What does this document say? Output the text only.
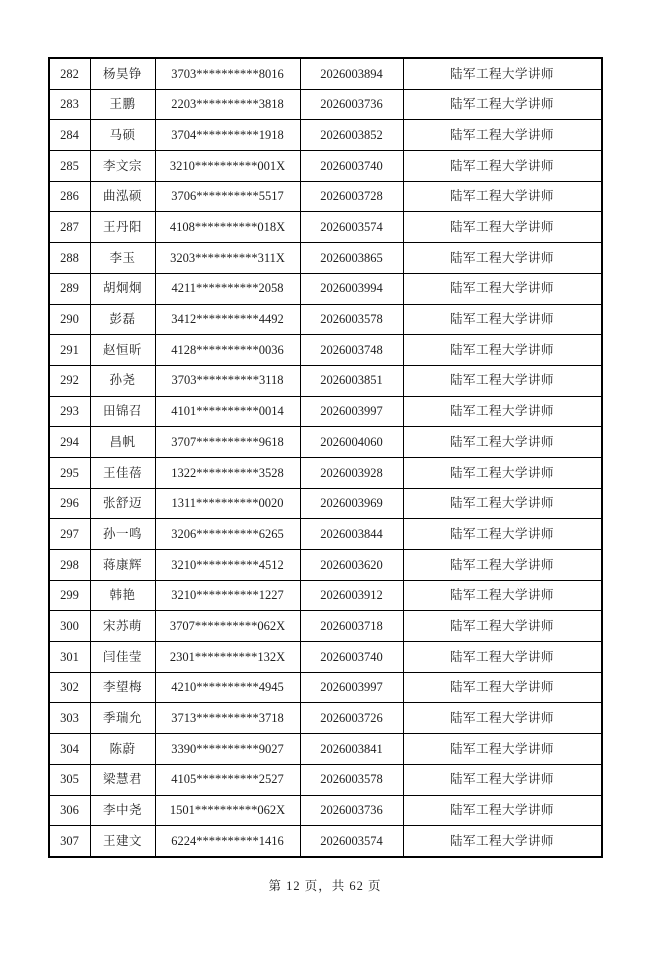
282	杨昊铮	3703**********8016	2026003894	陆军工程大学讲师
283	王鹏	2203**********3818	2026003736	陆军工程大学讲师
284	马硕	3704**********1918	2026003852	陆军工程大学讲师
285	李文宗	3210**********001X	2026003740	陆军工程大学讲师
286	曲泓硕	3706**********5517	2026003728	陆军工程大学讲师
287	王丹阳	4108**********018X	2026003574	陆军工程大学讲师
288	李玉	3203**********311X	2026003865	陆军工程大学讲师
289	胡炯炯	4211**********2058	2026003994	陆军工程大学讲师
290	彭磊	3412**********4492	2026003578	陆军工程大学讲师
291	赵恒昕	4128**********0036	2026003748	陆军工程大学讲师
292	孙尧	3703**********3118	2026003851	陆军工程大学讲师
293	田锦召	4101**********0014	2026003997	陆军工程大学讲师
294	昌帆	3707**********9618	2026004060	陆军工程大学讲师
295	王佳蓓	1322**********3528	2026003928	陆军工程大学讲师
296	张舒迈	1311**********0020	2026003969	陆军工程大学讲师
297	孙一鸣	3206**********6265	2026003844	陆军工程大学讲师
298	蒋康辉	3210**********4512	2026003620	陆军工程大学讲师
299	韩艳	3210**********1227	2026003912	陆军工程大学讲师
300	宋苏萌	3707**********062X	2026003718	陆军工程大学讲师
301	闫佳莹	2301**********132X	2026003740	陆军工程大学讲师
302	李望梅	4210**********4945	2026003997	陆军工程大学讲师
303	季瑞允	3713**********3718	2026003726	陆军工程大学讲师
304	陈蔚	3390**********9027	2026003841	陆军工程大学讲师
305	梁慧君	4105**********2527	2026003578	陆军工程大学讲师
306	李中尧	1501**********062X	2026003736	陆军工程大学讲师
307	王建文	6224**********1416	2026003574	陆军工程大学讲师
第 12 页，共 62 页
